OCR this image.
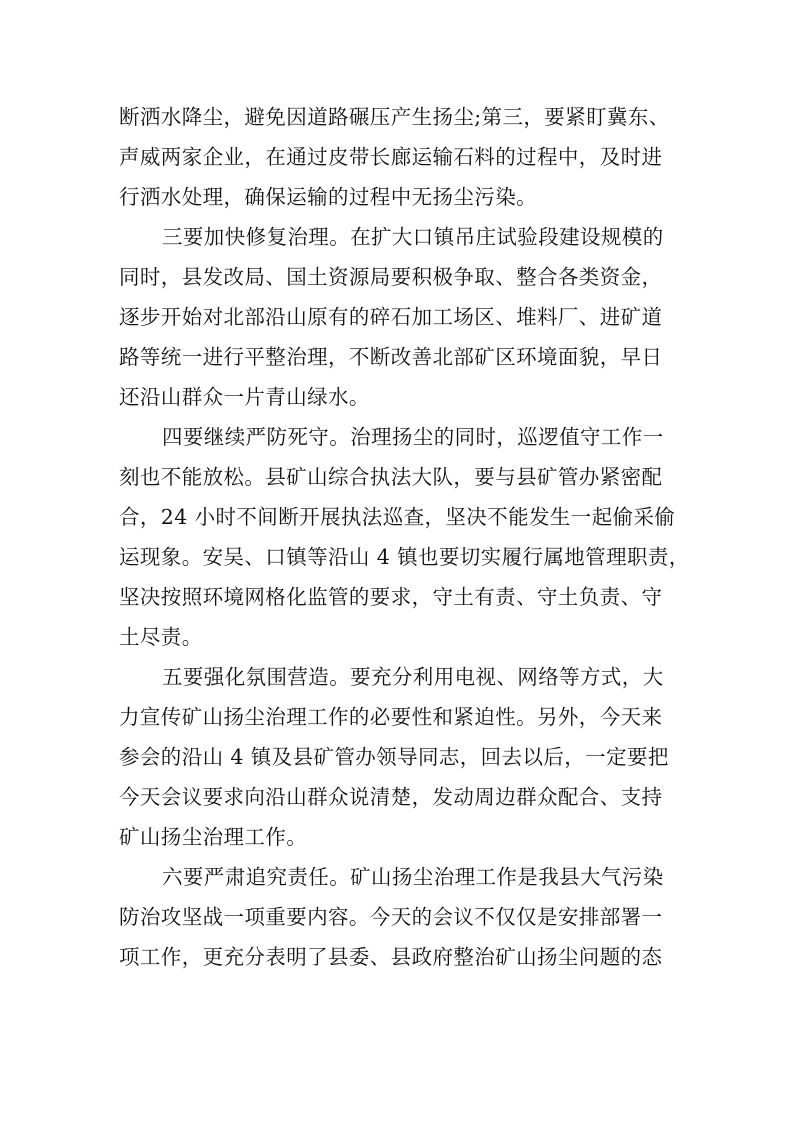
断洒水降尘，避免因道路碾压产生扬尘;第三，要紧盯冀东、
声威两家企业，在通过皮带长廊运输石料的过程中，及时进
行洒水处理，确保运输的过程中无扬尘污染。
三要加快修复治理。在扩大口镇吊庄试验段建设规模的
同时，县发改局、国土资源局要积极争取、整合各类资金，
逐步开始对北部沿山原有的碎石加工场区、堆料厂、进矿道
路等统一进行平整治理，不断改善北部矿区环境面貌，早日
还沿山群众一片青山绿水。
四要继续严防死守。治理扬尘的同时，巡逻值守工作一
刻也不能放松。县矿山综合执法大队，要与县矿管办紧密配
合，24 小时不间断开展执法巡查，坚决不能发生一起偷采偷
运现象。安吴、口镇等沿山 4 镇也要切实履行属地管理职责，
坚决按照环境网格化监管的要求，守土有责、守土负责、守
土尽责。
五要强化氛围营造。要充分利用电视、网络等方式，大
力宣传矿山扬尘治理工作的必要性和紧迫性。另外，今天来
参会的沿山 4 镇及县矿管办领导同志，回去以后，一定要把
今天会议要求向沿山群众说清楚，发动周边群众配合、支持
矿山扬尘治理工作。
六要严肃追究责任。矿山扬尘治理工作是我县大气污染
防治攻坚战一项重要内容。今天的会议不仅仅是安排部署一
项工作，更充分表明了县委、县政府整治矿山扬尘问题的态
